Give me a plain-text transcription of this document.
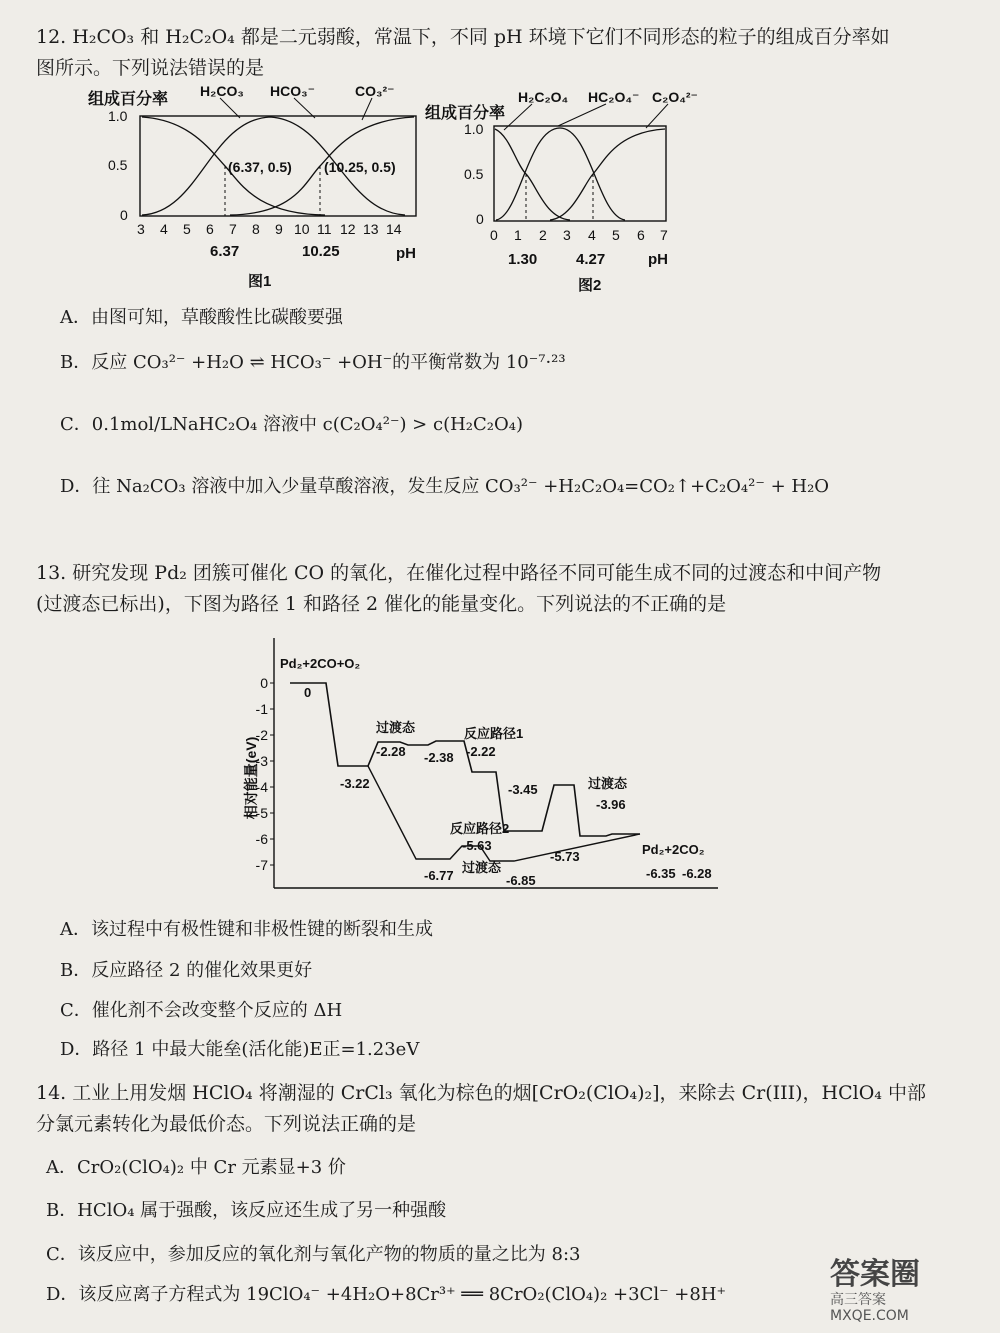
12. H₂CO₃ 和 H₂C₂O₄ 都是二元弱酸，常温下，不同 pH 环境下它们不同形态的粒子的组成百分率如
图所示。下列说法错误的是
组成百分率 H₂CO₃ HCO₃⁻	CO₃²⁻
1.0
0.5
0
3 4 5 6 7 8 9 10 11 12 13 14
(6.37, 0.5) (10.25, 0.5)
6.37	10.25	pH
图1
组成百分率
H₂C₂O₄ HC₂O₄⁻ C₂O₄²⁻
1.0
0.5
0
0 1 2 3 4 5 6 7
1.30	4.27	pH
图2
A．由图可知，草酸酸性比碳酸要强
B．反应 CO₃²⁻ +H₂O ⇌ HCO₃⁻ +OH⁻的平衡常数为 10⁻⁷·²³
C．0.1mol/LNaHC₂O₄ 溶液中 c(C₂O₄²⁻) > c(H₂C₂O₄)
D．往 Na₂CO₃ 溶液中加入少量草酸溶液，发生反应 CO₃²⁻ +H₂C₂O₄=CO₂↑+C₂O₄²⁻ + H₂O
13. 研究发现 Pd₂ 团簇可催化 CO 的氧化，在催化过程中路径不同可能生成不同的过渡态和中间产物
(过渡态已标出)，下图为路径 1 和路径 2 催化的能量变化。下列说法的不正确的是
相对能量(eV)
0
-1
-2
-3
-4
-5
-6
-7
Pd₂+2CO+O₂
Pd₂+2CO₂
过渡态	反应路径1
过渡态
反应路径2
过渡态
0
-3.22
-2.28 -2.38 -2.22
-3.45
-5.73
-3.96
-6.35 -6.28
-6.77
-5.63
-6.85
A．该过程中有极性键和非极性键的断裂和生成
B．反应路径 2 的催化效果更好
C．催化剂不会改变整个反应的 ΔH
D．路径 1 中最大能垒(活化能)E正=1.23eV
14. 工业上用发烟 HClO₄ 将潮湿的 CrCl₃ 氧化为棕色的烟[CrO₂(ClO₄)₂]，来除去 Cr(III)，HClO₄ 中部
分氯元素转化为最低价态。下列说法正确的是
A．CrO₂(ClO₄)₂ 中 Cr 元素显+3 价
B．HClO₄ 属于强酸，该反应还生成了另一种强酸
C．该反应中，参加反应的氧化剂与氧化产物的物质的量之比为 8:3
D．该反应离子方程式为 19ClO₄⁻ +4H₂O+8Cr³⁺ ══ 8CrO₂(ClO₄)₂ +3Cl⁻ +8H⁺
答案圈
高三答案
MXQE.COM
